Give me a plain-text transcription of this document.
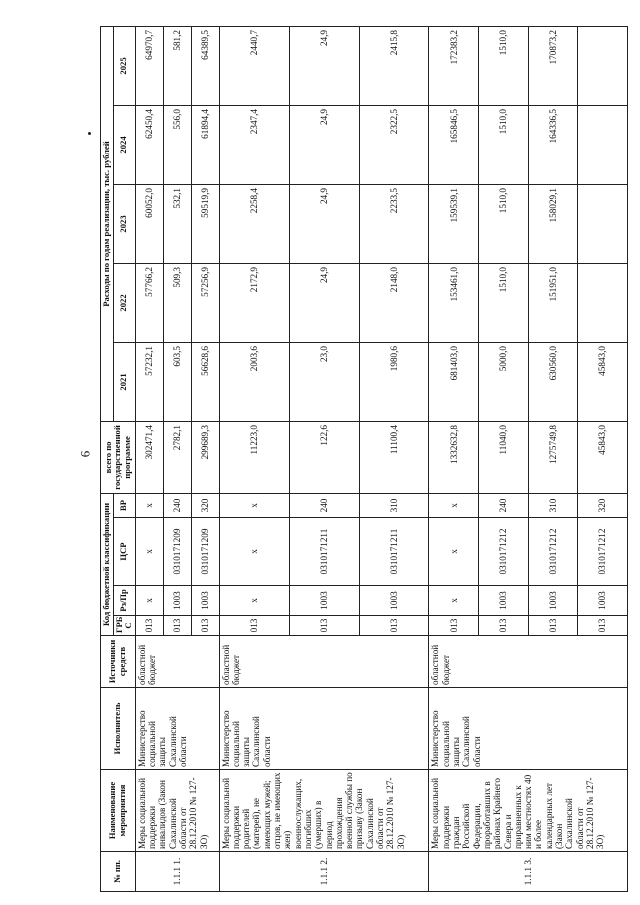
6
№ пп.	Наименование мероприятия	Исполнитель	Источники средств	Код бюджетной классификации				всего по государственной программе	Расходы по годам реализации, тыс. рублей				
				ГРБ С	Рз/Пр	ЦСР	ВР		2021	2022	2023	2024	2025
1.1.1 1.	Меры социальной поддержки инвалидов (Закон Сахалинской области от 28.12.2010 № 127-ЗО)	Министерство социальной защиты Сахалинской области	областной бюджет	013	х	х	х	302471,4	57232,1	57766,2	60052,0	62450,4	64970,7
				013	1003	0310171209	240	2782,1	603,5	509,3	532,1	556,0	581,2
				013	1003	0310171209	320	299689,3	56628,6	57256,9	59519,9	61894,4	64389,5
1.1.1 2.	Меры социальной поддержки родителей (матерей), не имеющих мужей; отцов, не имеющих жен) военнослужащих, погибших (умерших) в период прохождения военной службы по призыву (Закон Сахалинской области от 28.12.2010 № 127-ЗО)	Министерство социальной защиты Сахалинской области	областной бюджет	013	х	х	х	11223,0	2003,6	2172,9	2258,4	2347,4	2440,7
				013	1003	0310171211	240	122,6	23,0	24,9	24,9	24,9	24,9
				013	1003	0310171211	310	11100,4	1980,6	2148,0	2233,5	2322,5	2415,8
1.1.1 3.	Меры социальной поддержки граждан Российской Федерации, проработавших в районах Крайнего Севера и приравненных к ним местностях 40 и более календарных лет (Закон Сахалинской области от 28.12.2010 № 127-ЗО)	Министерство социальной защиты Сахалинской области	областной бюджет	013	х	х	х	1332632,8	681403,0	153461,0	159539,1	165846,5	172383,2
				013	1003	0310171212	240	11040,0	5000,0	1510,0	1510,0	1510,0	1510,0
				013	1003	0310171212	310	1275749,8	630560,0	151951,0	158029,1	164336,5	170873,2
				013	1003	0310171212	320	45843,0	45843,0				
